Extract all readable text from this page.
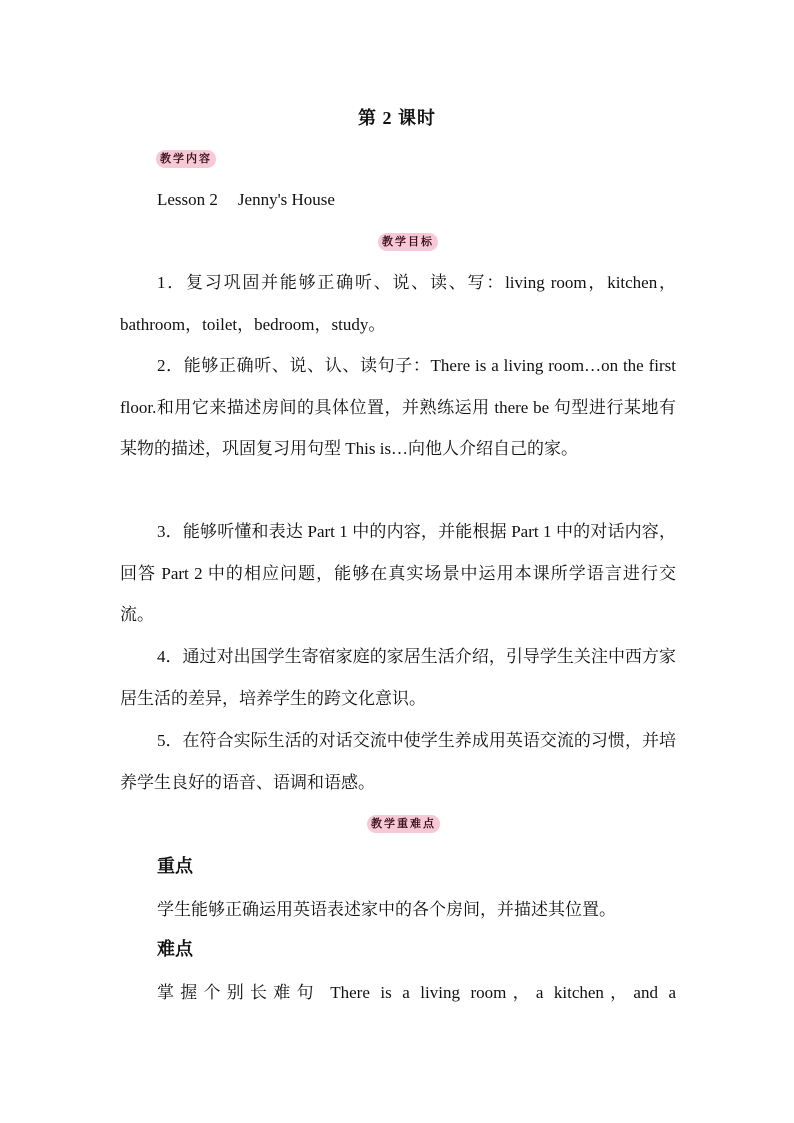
第 2 课时
教学内容
Lesson 2 Jenny's House
教学目标
1．复习巩固并能够正确听、说、读、写：living room，kitchen，bathroom，toilet，bedroom，study。
2．能够正确听、说、认、读句子：There is a living room…on the first floor.和用它来描述房间的具体位置，并熟练运用 there be 句型进行某地有某物的描述，巩固复习用句型 This is…向他人介绍自己的家。
3．能够听懂和表达 Part 1 中的内容，并能根据 Part 1 中的对话内容，回答 Part 2 中的相应问题，能够在真实场景中运用本课所学语言进行交流。
4．通过对出国学生寄宿家庭的家居生活介绍，引导学生关注中西方家居生活的差异，培养学生的跨文化意识。
5．在符合实际生活的对话交流中使学生养成用英语交流的习惯，并培养学生良好的语音、语调和语感。
教学重难点
重点
学生能够正确运用英语表述家中的各个房间，并描述其位置。
难点
掌握个别长难句 There is a living room，a kitchen，and a
